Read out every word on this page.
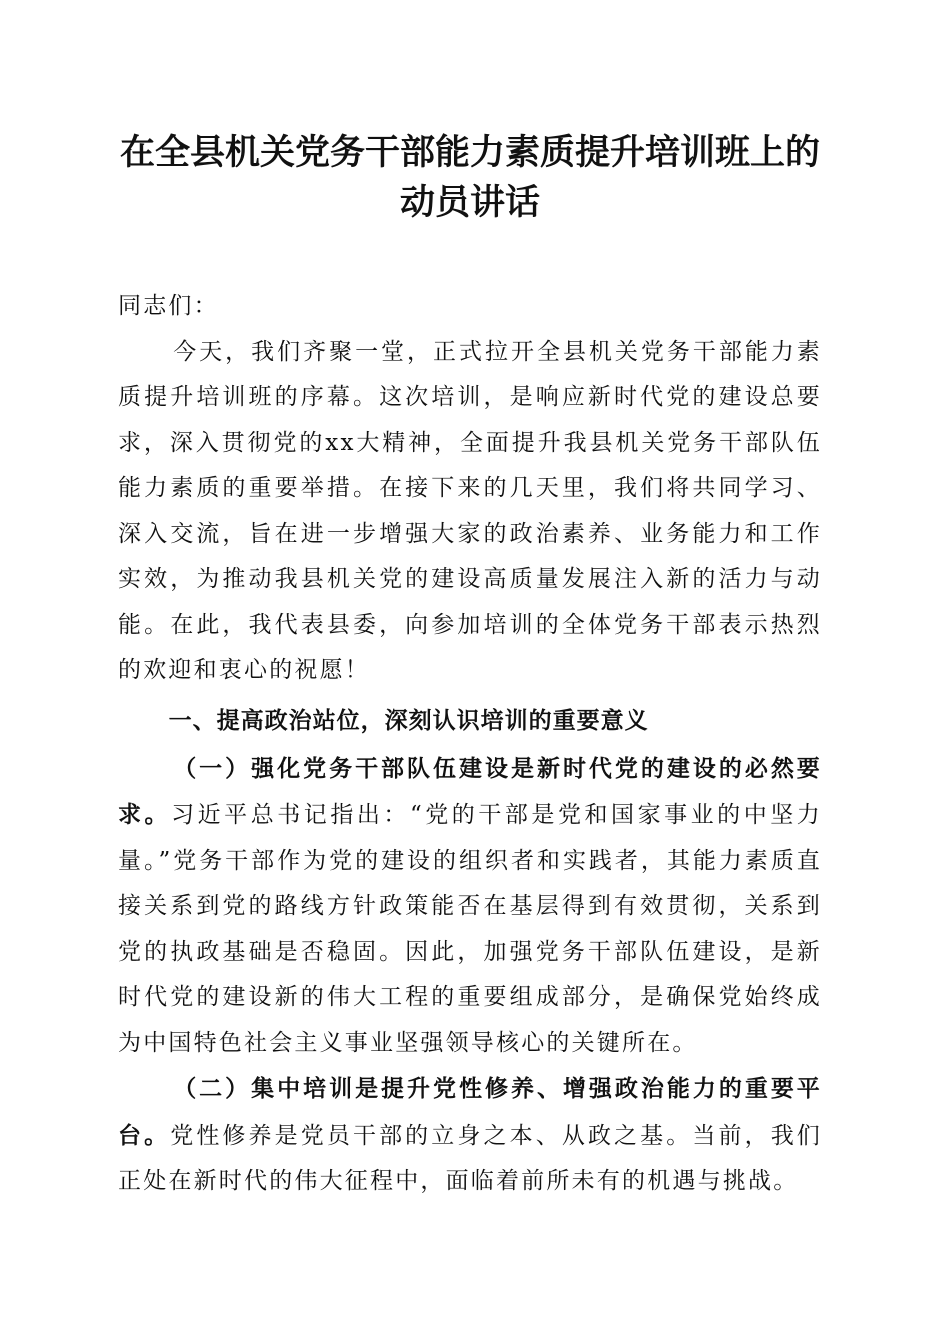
在全县机关党务干部能力素质提升培训班上的
动员讲话

同志们：

今天，我们齐聚一堂，正式拉开全县机关党务干部能力素质提升培训班的序幕。这次培训，是响应新时代党的建设总要求，深入贯彻党的xx大精神，全面提升我县机关党务干部队伍能力素质的重要举措。在接下来的几天里，我们将共同学习、深入交流，旨在进一步增强大家的政治素养、业务能力和工作实效，为推动我县机关党的建设高质量发展注入新的活力与动能。在此，我代表县委，向参加培训的全体党务干部表示热烈的欢迎和衷心的祝愿！

一、提高政治站位，深刻认识培训的重要意义

（一）强化党务干部队伍建设是新时代党的建设的必然要求。习近平总书记指出：“党的干部是党和国家事业的中坚力量。”党务干部作为党的建设的组织者和实践者，其能力素质直接关系到党的路线方针政策能否在基层得到有效贯彻，关系到党的执政基础是否稳固。因此，加强党务干部队伍建设，是新时代党的建设新的伟大工程的重要组成部分，是确保党始终成为中国特色社会主义事业坚强领导核心的关键所在。

（二）集中培训是提升党性修养、增强政治能力的重要平台。党性修养是党员干部的立身之本、从政之基。当前，我们正处在新时代的伟大征程中，面临着前所未有的机遇与挑战。
